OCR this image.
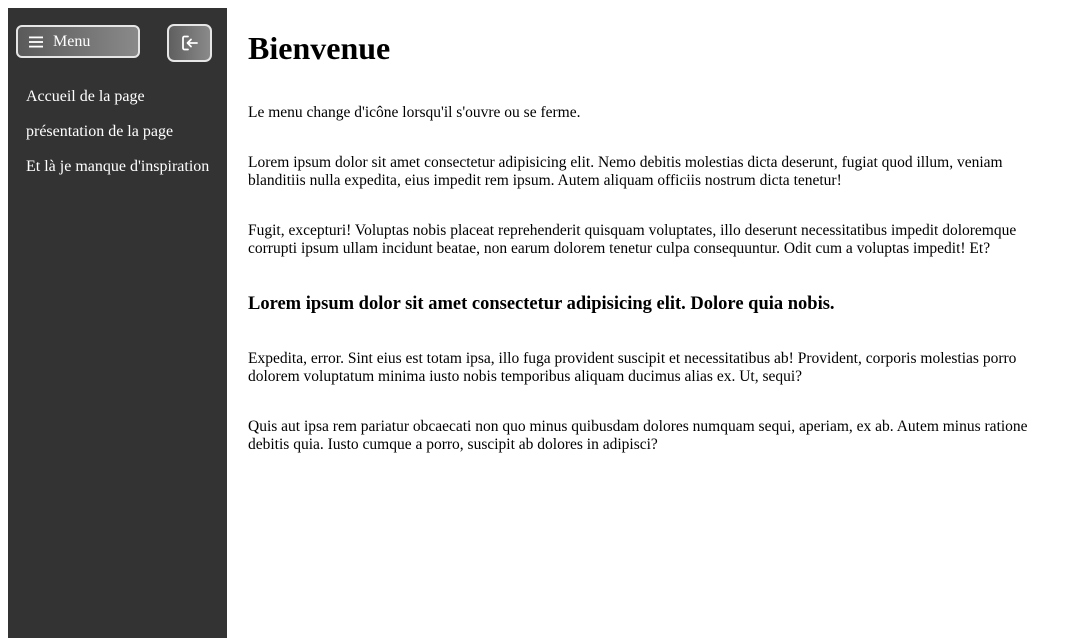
Menu
Accueil de la page
présentation de la page
Et là je manque d'inspiration
Bienvenue

Le menu change d'icône lorsqu'il s'ouvre ou se ferme.

Lorem ipsum dolor sit amet consectetur adipisicing elit. Nemo debitis molestias dicta deserunt, fugiat quod illum, veniam blanditiis nulla expedita, eius impedit rem ipsum. Autem aliquam officiis nostrum dicta tenetur!

Fugit, excepturi! Voluptas nobis placeat reprehenderit quisquam voluptates, illo deserunt necessitatibus impedit doloremque corrupti ipsum ullam incidunt beatae, non earum dolorem tenetur culpa consequuntur. Odit cum a voluptas impedit! Et?

Lorem ipsum dolor sit amet consectetur adipisicing elit. Dolore quia nobis.

Expedita, error. Sint eius est totam ipsa, illo fuga provident suscipit et necessitatibus ab! Provident, corporis molestias porro dolorem voluptatum minima iusto nobis temporibus aliquam ducimus alias ex. Ut, sequi?

Quis aut ipsa rem pariatur obcaecati non quo minus quibusdam dolores numquam sequi, aperiam, ex ab. Autem minus ratione debitis quia. Iusto cumque a porro, suscipit ab dolores in adipisci?
